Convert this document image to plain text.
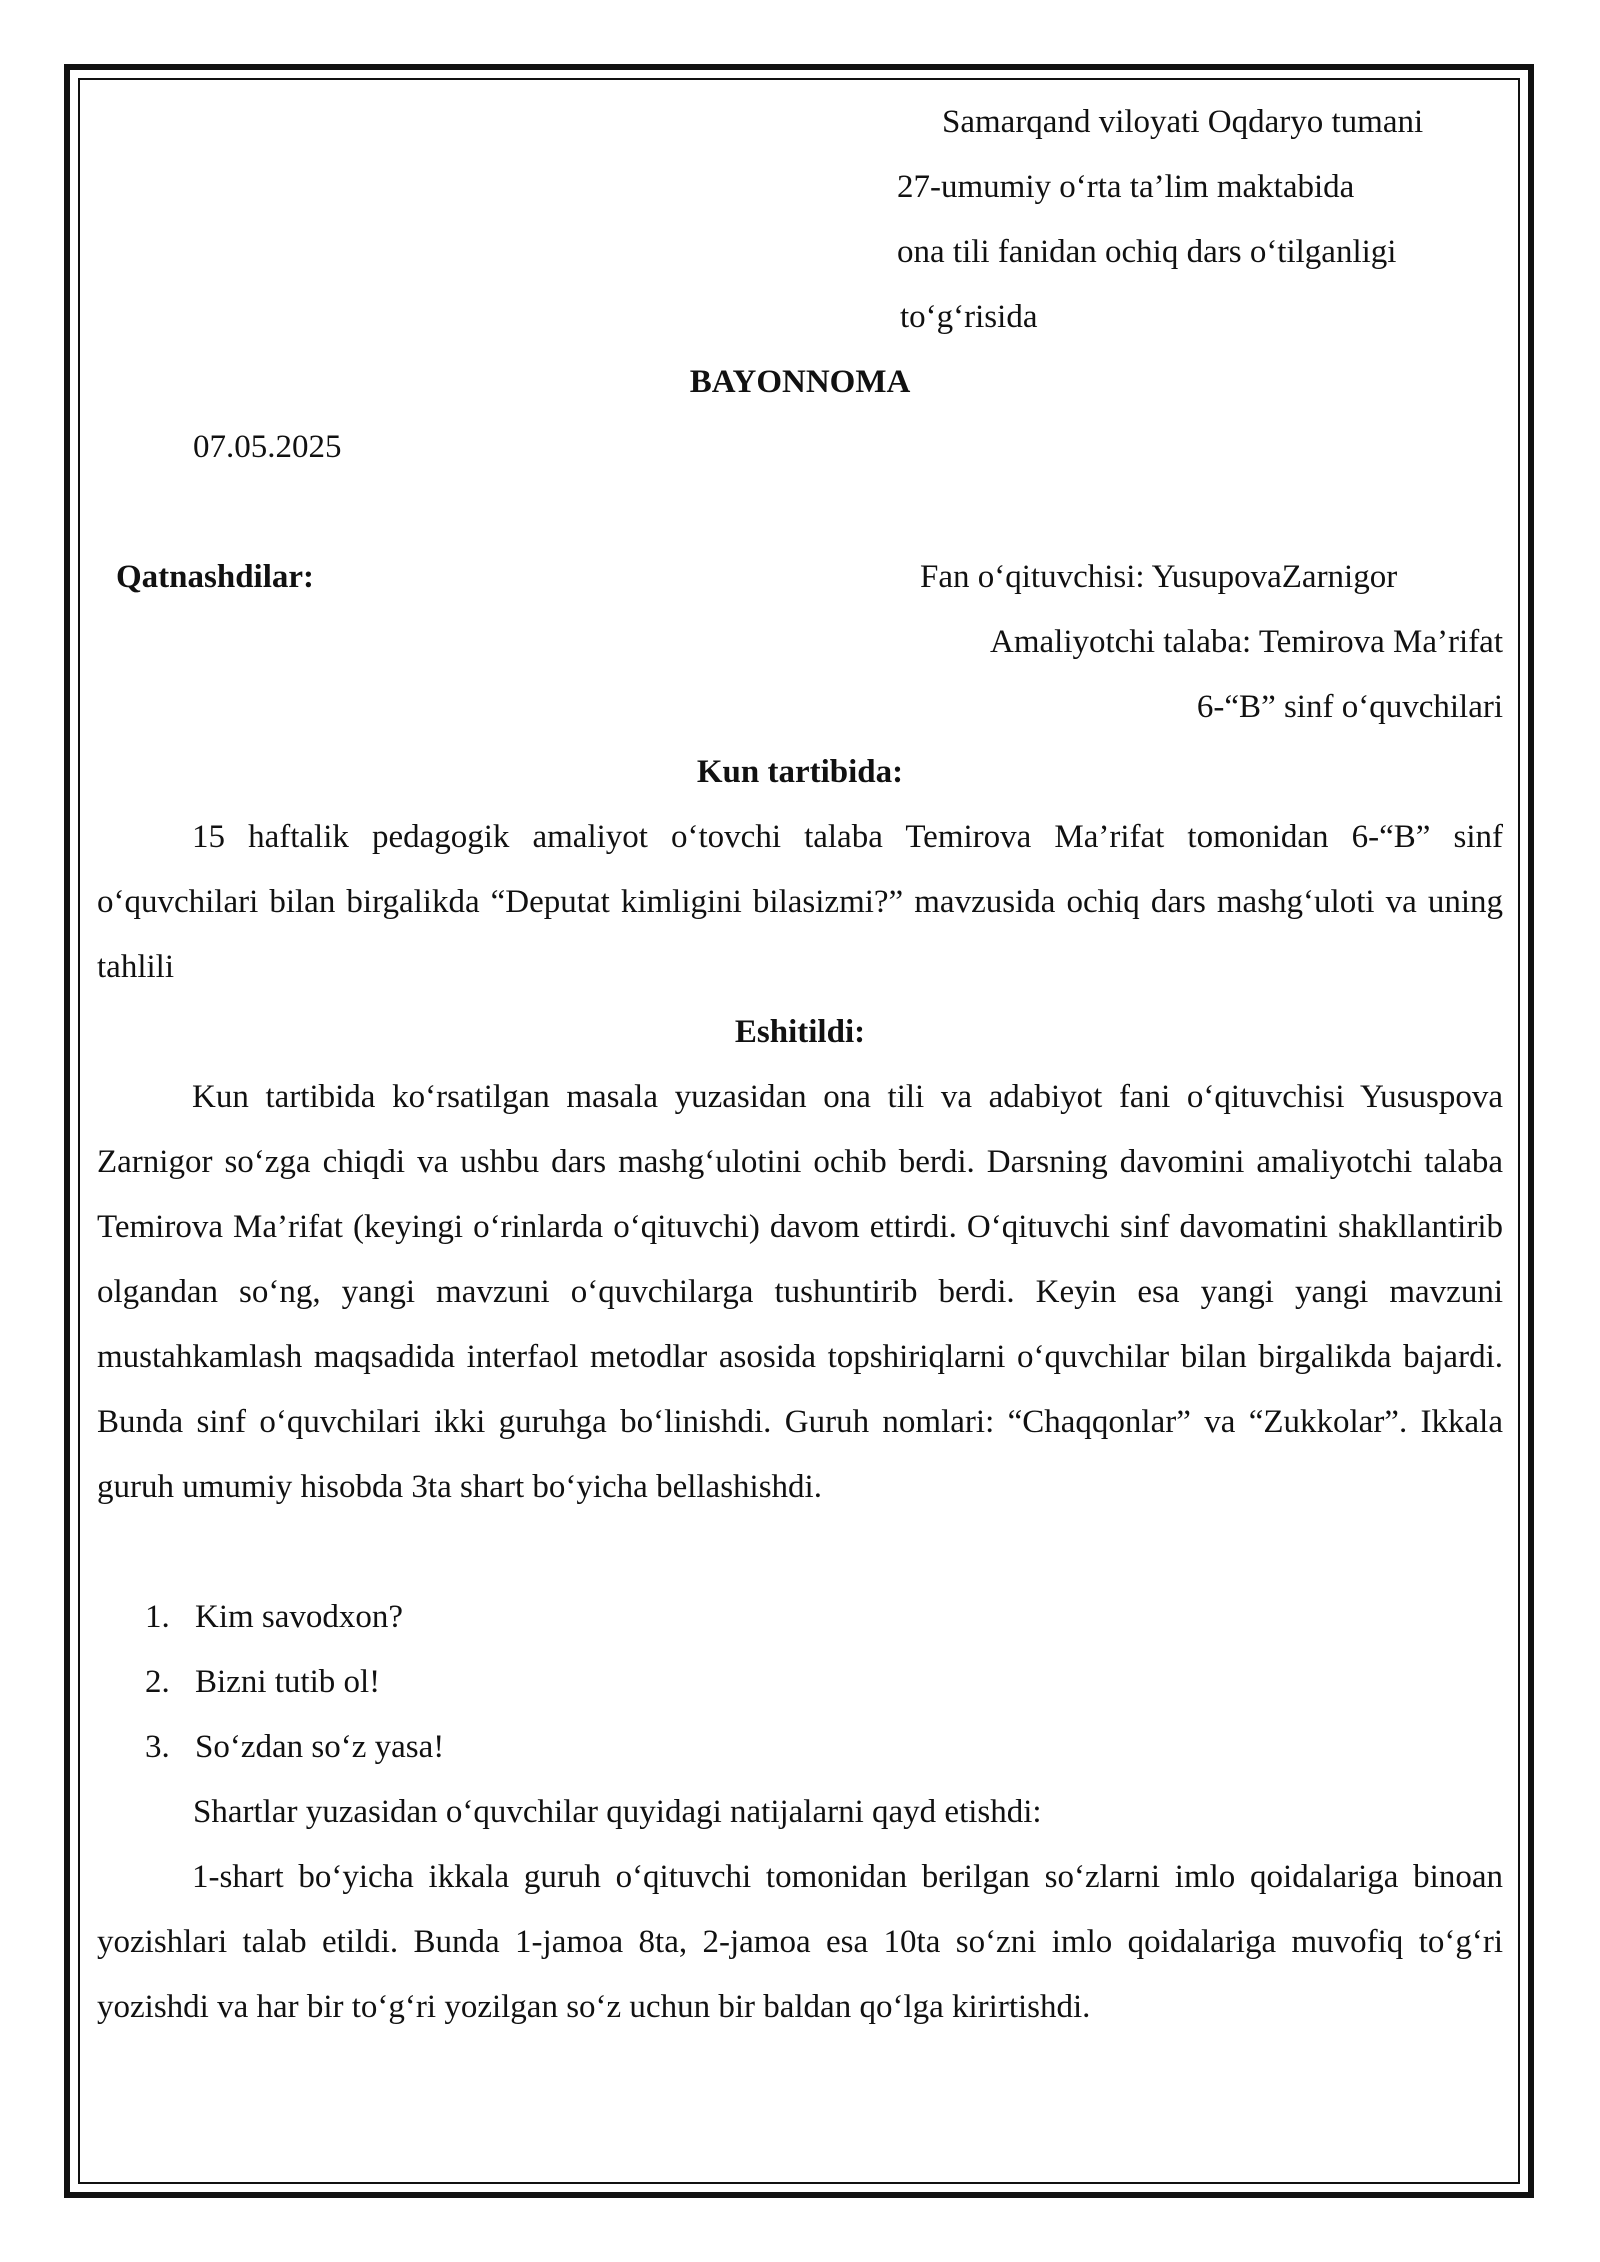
Samarqand viloyati Oqdaryo tumani
27-umumiy o‘rta ta’lim maktabida
ona tili fanidan ochiq dars o‘tilganligi
to‘g‘risida
BAYONNOMA
07.05.2025
Qatnashdilar:	Fan o‘qituvchisi: YusupovaZarnigor
Amaliyotchi talaba: Temirova Ma’rifat
6-“B” sinf o‘quvchilari
Kun tartibida:
15 haftalik pedagogik amaliyot o‘tovchi talaba Temirova Ma’rifat tomonidan 6-“B” sinf o‘quvchilari bilan birgalikda “Deputat kimligini bilasizmi?” mavzusida ochiq dars mashg‘uloti va uning tahlili
Eshitildi:
Kun tartibida ko‘rsatilgan masala yuzasidan ona tili va adabiyot fani o‘qituvchisi Yususpova Zarnigor so‘zga chiqdi va ushbu dars mashg‘ulotini ochib berdi. Darsning davomini amaliyotchi talaba Temirova Ma’rifat (keyingi o‘rinlarda o‘qituvchi) davom ettirdi. O‘qituvchi sinf davomatini shakllantirib olgandan so‘ng, yangi mavzuni o‘quvchilarga tushuntirib berdi. Keyin esa yangi yangi mavzuni mustahkamlash maqsadida interfaol metodlar asosida topshiriqlarni o‘quvchilar bilan birgalikda bajardi. Bunda sinf o‘quvchilari ikki guruhga bo‘linishdi. Guruh nomlari: “Chaqqonlar” va “Zukkolar”. Ikkala guruh umumiy hisobda 3ta shart bo‘yicha bellashishdi.
1. Kim savodxon?
2. Bizni tutib ol!
3. So‘zdan so‘z yasa!
Shartlar yuzasidan o‘quvchilar quyidagi natijalarni qayd etishdi:
1-shart bo‘yicha ikkala guruh o‘qituvchi tomonidan berilgan so‘zlarni imlo qoidalariga binoan yozishlari talab etildi. Bunda 1-jamoa 8ta, 2-jamoa esa 10ta so‘zni imlo qoidalariga muvofiq to‘g‘ri yozishdi va har bir to‘g‘ri yozilgan so‘z uchun bir baldan qo‘lga kirirtishdi.
